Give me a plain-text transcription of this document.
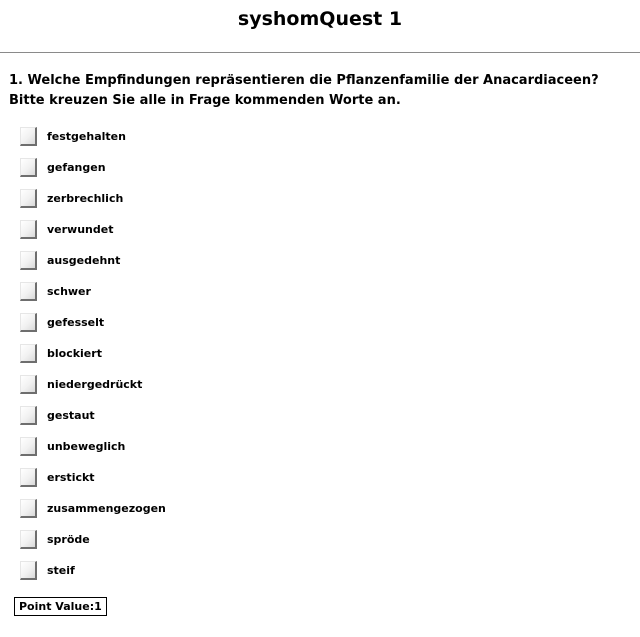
syshomQuest 1
1. Welche Empfindungen repräsentieren die Pflanzenfamilie der Anacardiaceen? Bitte kreuzen Sie alle in Frage kommenden Worte an.
festgehalten
gefangen
zerbrechlich
verwundet
ausgedehnt
schwer
gefesselt
blockiert
niedergedrückt
gestaut
unbeweglich
erstickt
zusammengezogen
spröde
steif
Point Value:1
